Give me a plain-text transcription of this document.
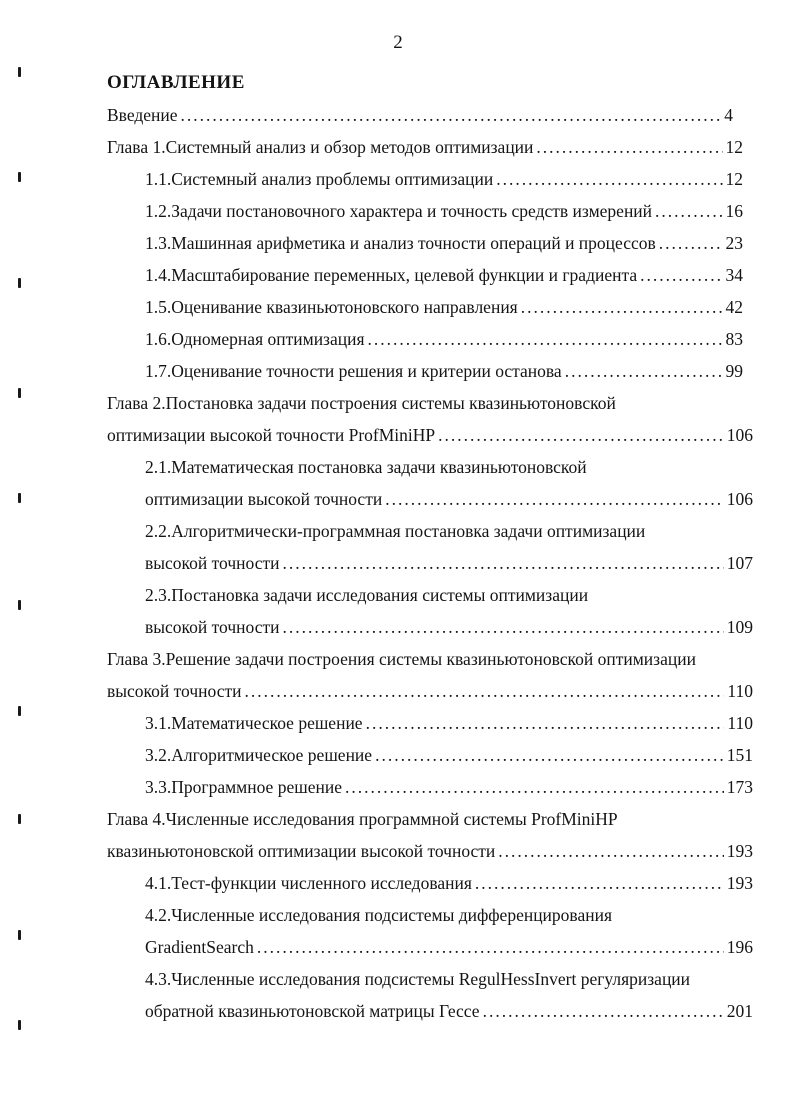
2
ОГЛАВЛЕНИЕ
Введение .....	4
Глава 1.Системный анализ и обзор методов оптимизации .....	12
1.1.Системный анализ проблемы оптимизации .....	12
1.2.Задачи постановочного характера и точность средств измерений .....	16
1.3.Машинная арифметика и анализ точности операций и процессов .....	23
1.4.Масштабирование переменных, целевой функции и градиента .....	34
1.5.Оценивание квазиньютоновского направления .....	42
1.6.Одномерная оптимизация .....	83
1.7.Оценивание точности решения и критерии останова .....	99
Глава 2.Постановка задачи построения системы квазиньютоновской
оптимизации высокой точности ProfMiniHP .....	106
2.1.Математическая постановка задачи квазиньютоновской
оптимизации высокой точности .....	106
2.2.Алгоритмически-программная постановка задачи оптимизации
высокой точности .....	107
2.3.Постановка задачи исследования системы оптимизации
высокой точности .....	109
Глава 3.Решение задачи построения системы квазиньютоновской оптимизации
высокой точности .....	110
3.1.Математическое решение .....	110
3.2.Алгоритмическое решение .....	151
3.3.Программное решение .....	173
Глава 4.Численные исследования программной системы ProfMiniHP
квазиньютоновской оптимизации высокой точности .....	193
4.1.Тест-функции численного исследования .....	193
4.2.Численные исследования подсистемы дифференцирования
GradientSearch .....	196
4.3.Численные исследования подсистемы RegulHessInvert регуляризации
обратной квазиньютоновской матрицы Гессе .....	201
